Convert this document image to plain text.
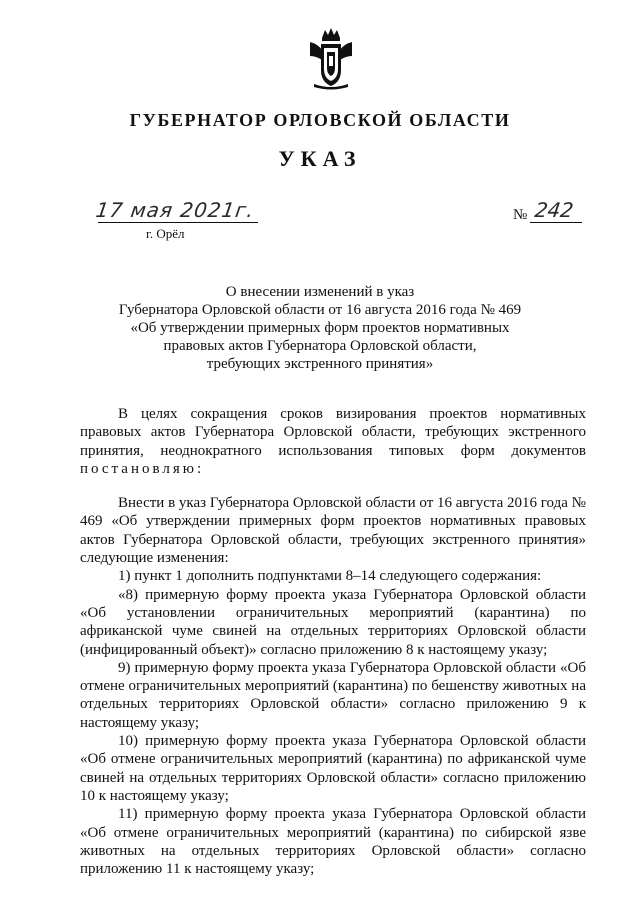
ГУБЕРНАТОР ОРЛОВСКОЙ ОБЛАСТИ
УКАЗ
17 мая 2021г.
г. Орёл
№ 242
О внесении изменений в указ
Губернатора Орловской области от 16 августа 2016 года № 469
«Об утверждении примерных форм проектов нормативных
правовых актов Губернатора Орловской области,
требующих экстренного принятия»

В целях сокращения сроков визирования проектов нормативных правовых актов Губернатора Орловской области, требующих экстренного принятия, неоднократного использования типовых форм документов постановляю:

Внести в указ Губернатора Орловской области от 16 августа 2016 года № 469 «Об утверждении примерных форм проектов нормативных правовых актов Губернатора Орловской области, требующих экстренного принятия» следующие изменения:

1) пункт 1 дополнить подпунктами 8–14 следующего содержания:

«8) примерную форму проекта указа Губернатора Орловской области «Об установлении ограничительных мероприятий (карантина) по африканской чуме свиней на отдельных территориях Орловской области (инфицированный объект)» согласно приложению 8 к настоящему указу;

9) примерную форму проекта указа Губернатора Орловской области «Об отмене ограничительных мероприятий (карантина) по бешенству животных на отдельных территориях Орловской области» согласно приложению 9 к настоящему указу;

10) примерную форму проекта указа Губернатора Орловской области «Об отмене ограничительных мероприятий (карантина) по африканской чуме свиней на отдельных территориях Орловской области» согласно приложению 10 к настоящему указу;

11) примерную форму проекта указа Губернатора Орловской области «Об отмене ограничительных мероприятий (карантина) по сибирской язве животных на отдельных территориях Орловской области» согласно приложению 11 к настоящему указу;
